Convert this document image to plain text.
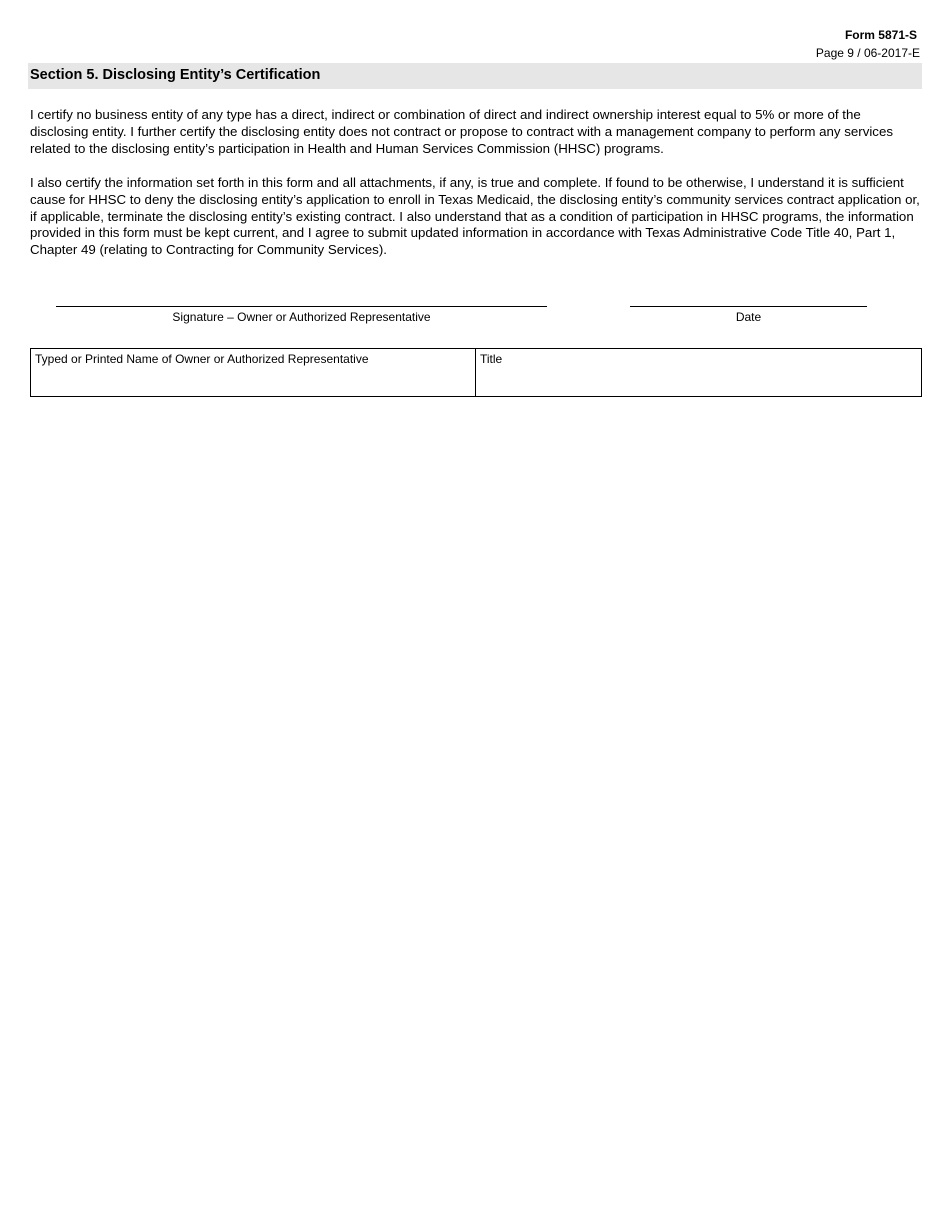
Form 5871-S
Page 9 / 06-2017-E
Section 5. Disclosing Entity’s Certification

I certify no business entity of any type has a direct, indirect or combination of direct and indirect ownership interest equal to 5% or more of the disclosing entity. I further certify the disclosing entity does not contract or propose to contract with a management company to perform any services related to the disclosing entity’s participation in Health and Human Services Commission (HHSC) programs.

I also certify the information set forth in this form and all attachments, if any, is true and complete. If found to be otherwise, I understand it is sufficient cause for HHSC to deny the disclosing entity’s application to enroll in Texas Medicaid, the disclosing entity’s community services contract application or, if applicable, terminate the disclosing entity’s existing contract. I also understand that as a condition of participation in HHSC programs, the information provided in this form must be kept current, and I agree to submit updated information in accordance with Texas Administrative Code Title 40, Part 1, Chapter 49 (relating to Contracting for Community Services).

Signature – Owner or Authorized Representative	Date
Typed or Printed Name of Owner or Authorized Representative	Title
